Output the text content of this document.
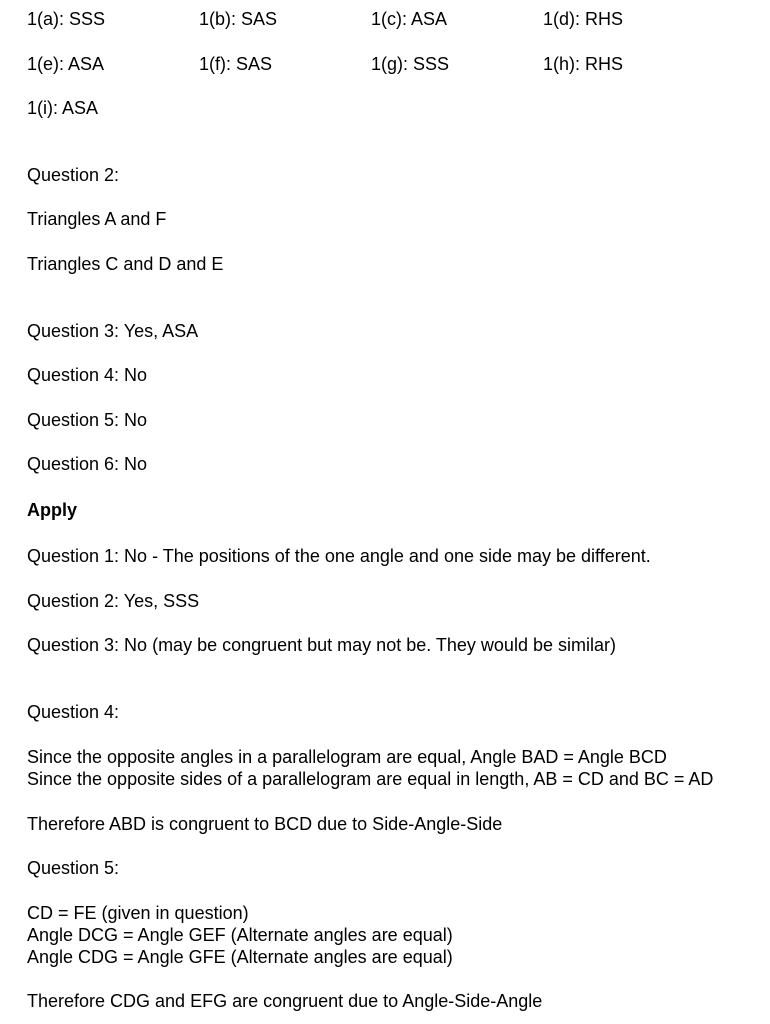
1(a): SSS	1(b): SAS	1(c): ASA	1(d): RHS
1(e): ASA	1(f): SAS	1(g): SSS	1(h): RHS
1(i): ASA
Question 2:
Triangles A and F
Triangles C and D and E
Question 3: Yes, ASA
Question 4: No
Question 5: No
Question 6: No
Apply
Question 1: No - The positions of the one angle and one side may be different.
Question 2: Yes, SSS
Question 3: No (may be congruent but may not be. They would be similar)
Question 4:
Since the opposite angles in a parallelogram are equal, Angle BAD = Angle BCD
Since the opposite sides of a parallelogram are equal in length, AB = CD and BC = AD
Therefore ABD is congruent to BCD due to Side-Angle-Side
Question 5:
CD = FE (given in question)
Angle DCG = Angle GEF (Alternate angles are equal)
Angle CDG = Angle GFE (Alternate angles are equal)
Therefore CDG and EFG are congruent due to Angle-Side-Angle
